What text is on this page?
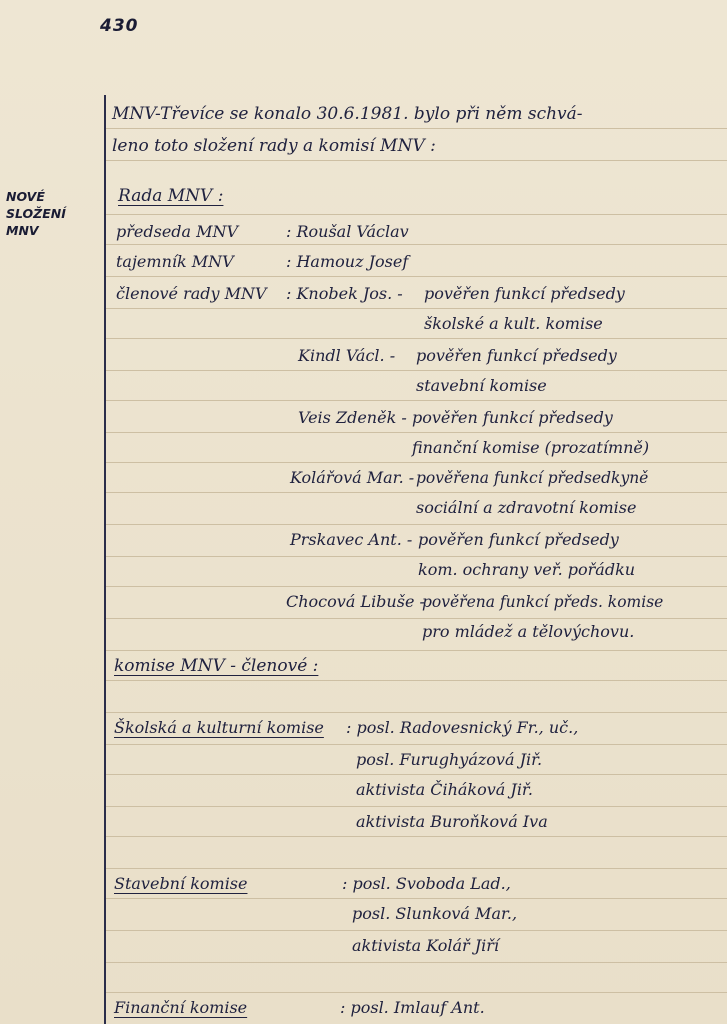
430
NOVÉ
SLOŽENÍ
MNV
MNV-Třevíce se konalo 30.6.1981. bylo při něm schvá-
leno toto složení rady a komisí MNV :
Rada MNV :
předseda MNV	: Roušal Václav
tajemník MNV	: Hamouz Josef
členové rady MNV : Knobek Jos. - pověřen funkcí předsedy
školské a kult. komise
Kindl Václ. - pověřen funkcí předsedy
stavební komise
Veis Zdeněk - pověřen funkcí předsedy
finanční komise (prozatímně)
Kolářová Mar. - pověřena funkcí předsedkyně
sociální a zdravotní komise
Prskavec Ant. - pověřen funkcí předsedy
kom. ochrany veř. pořádku
Chocová Libuše -
pověřena funkcí předs. komise
pro mládež a tělovýchovu.
komise MNV - členové :
Školská a kulturní komise : posl. Radovesnický Fr., uč.,
posl. Furughyázová Jiř.
aktivista Čiháková Jiř.
aktivista Buroňková Iva
Stavební komise	: posl. Svoboda Lad.,
posl. Slunková Mar.,
aktivista Kolář Jiří
Finanční komise	: posl. Imlauf Ant.
